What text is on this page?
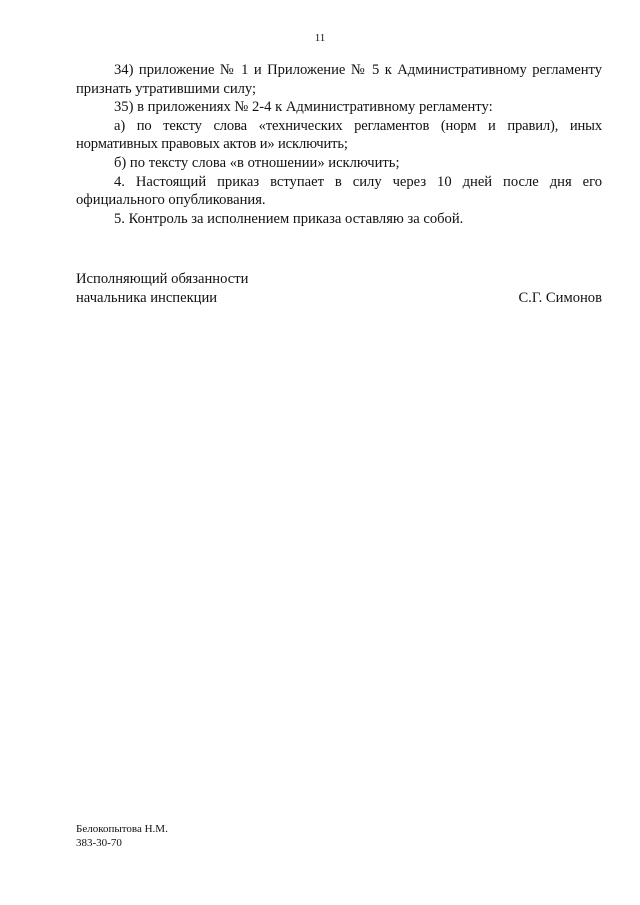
11

34) приложение № 1 и Приложение № 5 к Административному регламенту признать утратившими силу;

35) в приложениях № 2-4 к Административному регламенту:

а) по тексту слова «технических регламентов (норм и правил), иных нормативных правовых актов и» исключить;

б) по тексту слова «в отношении» исключить;

4. Настоящий приказ вступает в силу через 10 дней после дня его официального опубликования.

5. Контроль за исполнением приказа оставляю за собой.

Исполняющий обязанности
начальника инспекции	С.Г. Симонов
Белокопытова Н.М.
383-30-70
